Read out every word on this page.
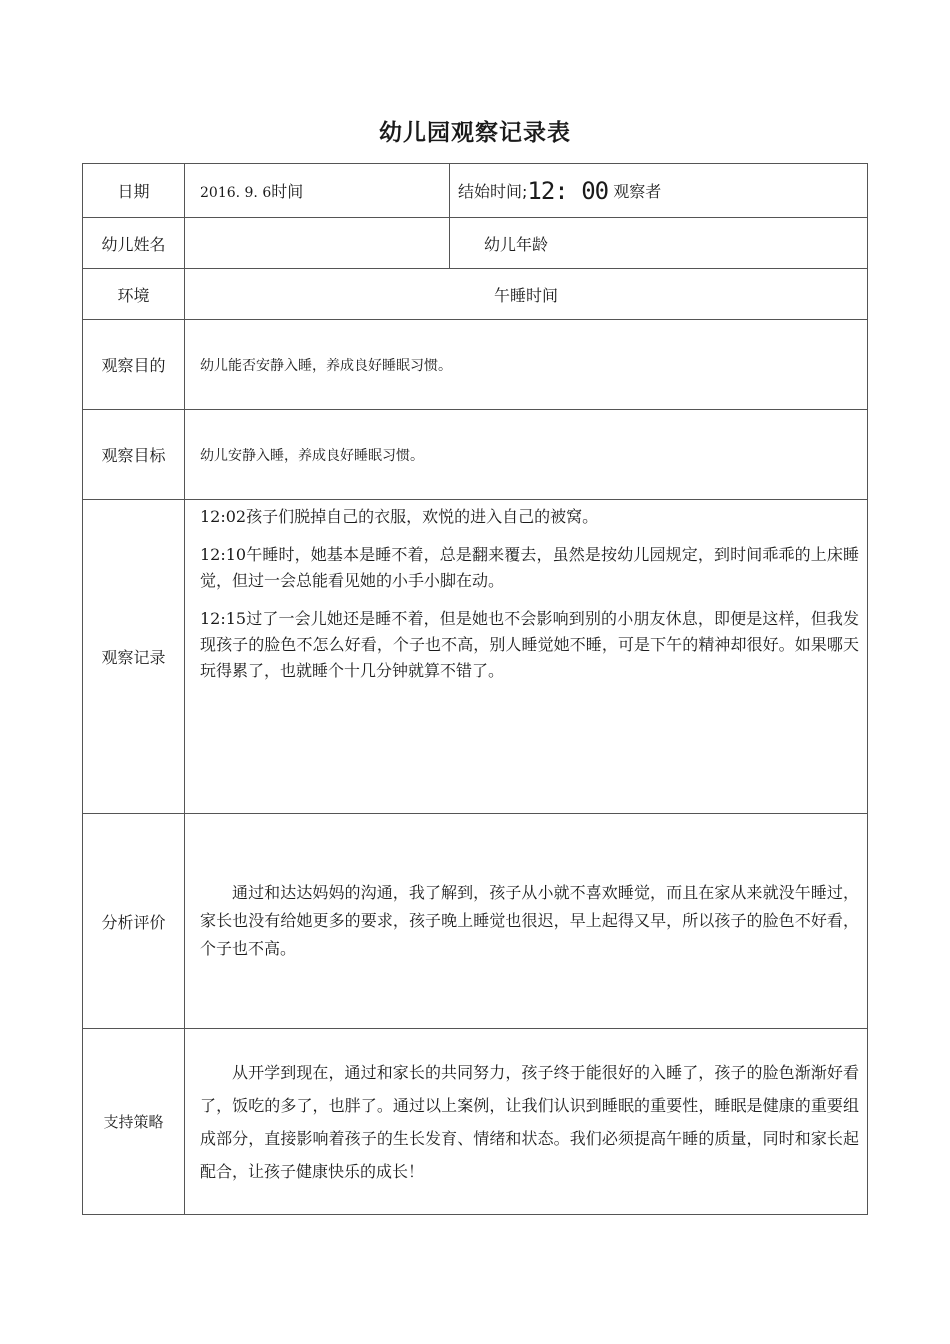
幼儿园观察记录表
日期	2016. 9. 6时间	结始时间;12: 00 观察者
幼儿姓名		幼儿年龄
环境	午睡时间	
观察目的	幼儿能否安静入睡，养成良好睡眠习惯。	
观察目标	幼儿安静入睡，养成良好睡眠习惯。	
观察记录	12:02孩子们脱掉自己的衣服，欢悦的进入自己的被窝。

12:10午睡时，她基本是睡不着，总是翻来覆去，虽然是按幼儿园规定，到时间乖乖的上床睡觉，但过一会总能看见她的小手小脚在动。

12:15过了一会儿她还是睡不着，但是她也不会影响到别的小朋友休息，即便是这样，但我发现孩子的脸色不怎么好看，个子也不高，别人睡觉她不睡，可是下午的精神却很好。如果哪天玩得累了，也就睡个十几分钟就算不错了。	

分析评价	通过和达达妈妈的沟通，我了解到，孩子从小就不喜欢睡觉，而且在家从来就没午睡过，家长也没有给她更多的要求，孩子晚上睡觉也很迟，早上起得又早，所以孩子的脸色不好看，个子也不高。	

支持策略	从开学到现在，通过和家长的共同努力，孩子终于能很好的入睡了，孩子的脸色渐渐好看了，饭吃的多了，也胖了。通过以上案例，让我们认识到睡眠的重要性，睡眠是健康的重要组成部分，直接影响着孩子的生长发育、情绪和状态。我们必须提高午睡的质量，同时和家长起配合，让孩子健康快乐的成长！	
